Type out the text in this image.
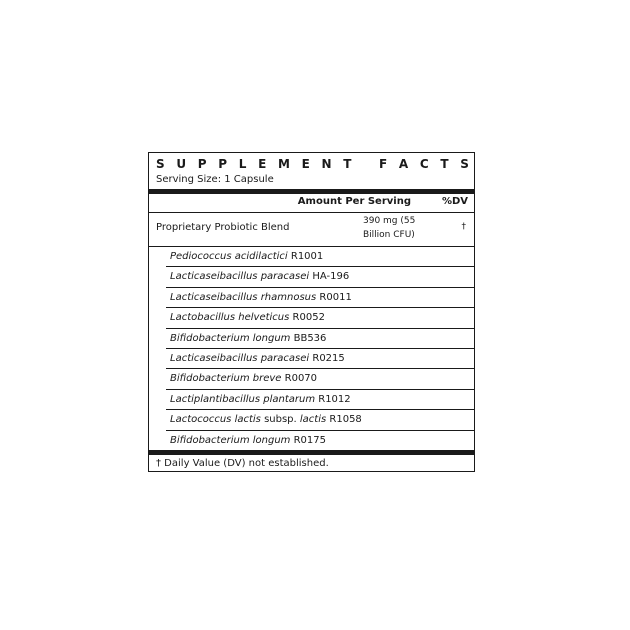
S U P P L E M E N T
F A C T S
Serving Size: 1 Capsule
Amount Per Serving	%DV
Proprietary Probiotic Blend
390 mg (55 Billion CFU)
†
Pediococcus acidilactici R1001
Lacticaseibacillus paracasei HA-196
Lacticaseibacillus rhamnosus R0011
Lactobacillus helveticus R0052
Bifidobacterium longum BB536
Lacticaseibacillus paracasei R0215
Bifidobacterium breve R0070
Lactiplantibacillus plantarum R1012
Lactococcus lactis subsp. lactis R1058
Bifidobacterium longum R0175
† Daily Value (DV) not established.
